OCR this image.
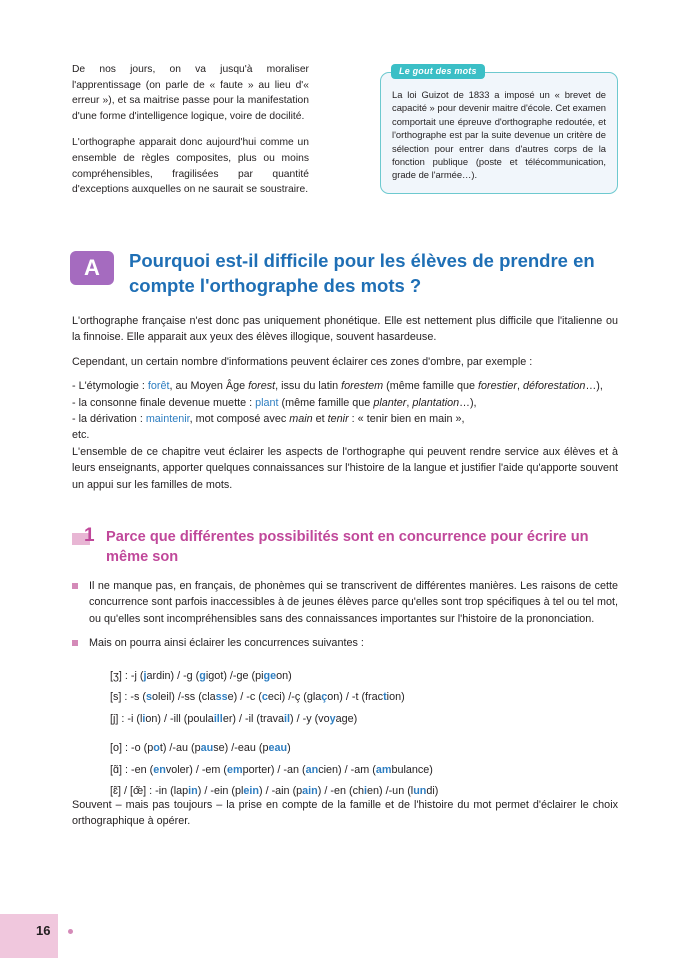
De nos jours, on va jusqu'à moraliser l'apprentissage (on parle de « faute » au lieu d'« erreur »), et sa maitrise passe pour la manifestation d'une forme d'intelligence logique, voire de docilité.

L'orthographe apparait donc aujourd'hui comme un ensemble de règles composites, plus ou moins compréhensibles, fragilisées par quantité d'exceptions auxquelles on ne saurait se soustraire.

Le gout des mots

La loi Guizot de 1833 a imposé un « brevet de capacité » pour devenir maitre d'école. Cet examen comportait une épreuve d'orthographe redoutée, et l'orthographe est par la suite devenue un critère de sélection pour entrer dans d'autres corps de la fonction publique (poste et télécommunication, grade de l'armée…).

A	Pourquoi est-il difficile pour les élèves de prendre en compte l'orthographe des mots ?

L'orthographe française n'est donc pas uniquement phonétique. Elle est nettement plus difficile que l'italienne ou la finnoise. Elle apparait aux yeux des élèves illogique, souvent hasardeuse.

Cependant, un certain nombre d'informations peuvent éclairer ces zones d'ombre, par exemple :

- L'étymologie : forêt, au Moyen Âge forest, issu du latin forestem (même famille que forestier, déforestation…),

- la consonne finale devenue muette : plant (même famille que planter, plantation…),

- la dérivation : maintenir, mot composé avec main et tenir : « tenir bien en main »,

etc.

L'ensemble de ce chapitre veut éclairer les aspects de l'orthographe qui peuvent rendre service aux élèves et à leurs enseignants, apporter quelques connaissances sur l'histoire de la langue et justifier l'aide qu'apporte souvent un appui sur les familles de mots.

1 Parce que différentes possibilités sont en concurrence pour écrire un même son
Il ne manque pas, en français, de phonèmes qui se transcrivent de différentes manières. Les raisons de cette concurrence sont parfois inaccessibles à de jeunes élèves parce qu'elles sont trop spécifiques à tel ou tel mot, ou qu'elles sont incompréhensibles sans des connaissances importantes sur l'histoire de la prononciation.
Mais on pourra ainsi éclairer les concurrences suivantes :
[ʒ] : -j (jardin) / -g (gigot) /-ge (pigeon)
[s] : -s (soleil) /-ss (classe) / -c (ceci) /-ç (glaçon) / -t (fraction)
[j] : -i (lion) / -ill (poulailler) / -il (travail) / -y (voyage)
[o] : -o (pot) /-au (pause) /-eau (peau)
[ɑ̃] : -en (envoler) / -em (emporter) / -an (ancien) / -am (ambulance)
[ɛ̃] / [œ̃] : -in (lapin) / -ein (plein) / -ain (pain) / -en (chien) /-un (lundi)
Souvent – mais pas toujours – la prise en compte de la famille et de l'histoire du mot permet d'éclairer le choix orthographique à opérer.
16
